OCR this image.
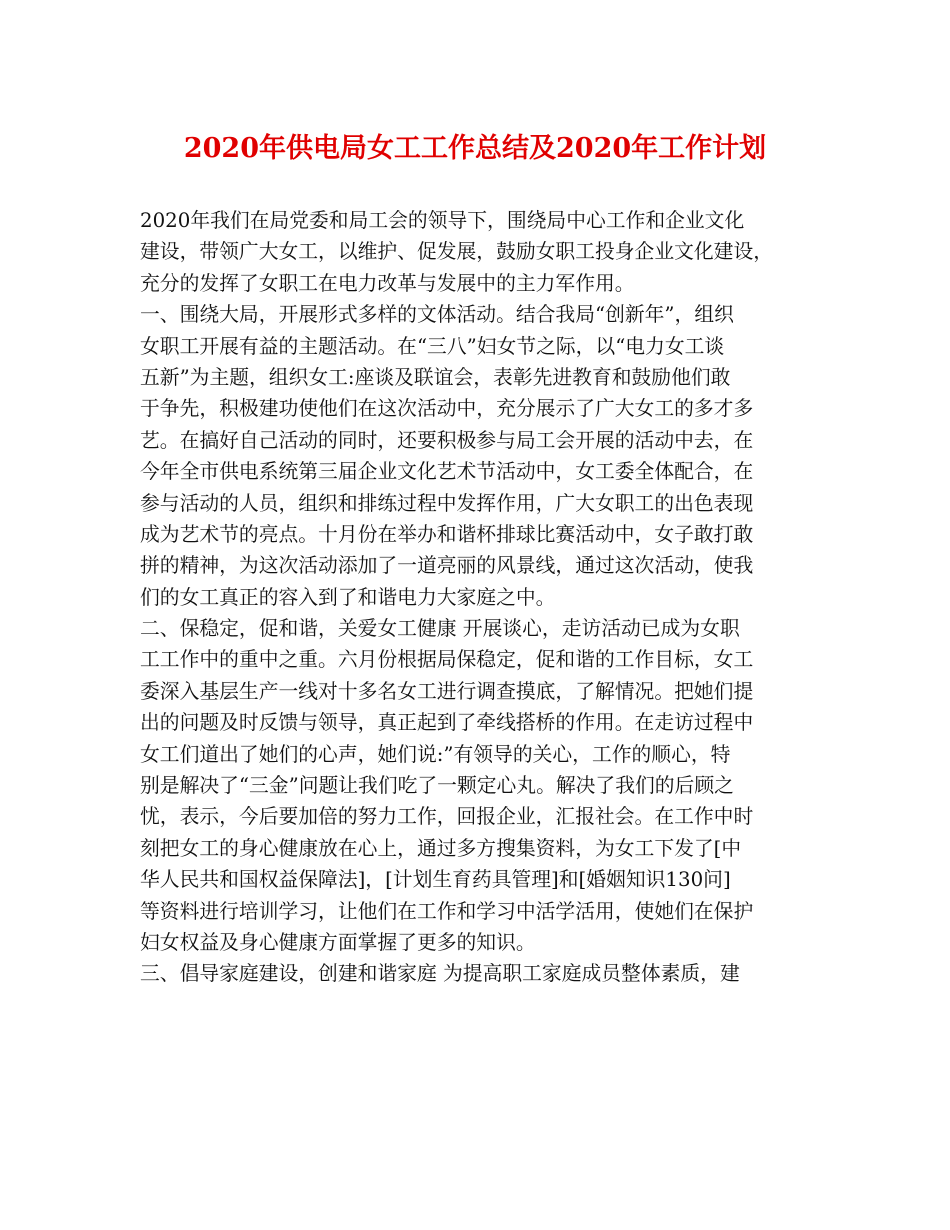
2020年供电局女工工作总结及2020年工作计划
2020年我们在局党委和局工会的领导下，围绕局中心工作和企业文化
建设，带领广大女工，以维护、促发展，鼓励女职工投身企业文化建设，
充分的发挥了女职工在电力改革与发展中的主力军作用。
一、围绕大局，开展形式多样的文体活动。结合我局“创新年”，组织
女职工开展有益的主题活动。在“三八”妇女节之际，以“电力女工谈
五新”为主题，组织女工:座谈及联谊会，表彰先进教育和鼓励他们敢
于争先，积极建功使他们在这次活动中，充分展示了广大女工的多才多
艺。在搞好自己活动的同时，还要积极参与局工会开展的活动中去，在
今年全市供电系统第三届企业文化艺术节活动中，女工委全体配合，在
参与活动的人员，组织和排练过程中发挥作用，广大女职工的出色表现
成为艺术节的亮点。十月份在举办和谐杯排球比赛活动中，女子敢打敢
拼的精神，为这次活动添加了一道亮丽的风景线，通过这次活动，使我
们的女工真正的容入到了和谐电力大家庭之中。
二、保稳定，促和谐，关爱女工健康 开展谈心，走访活动已成为女职
工工作中的重中之重。六月份根据局保稳定，促和谐的工作目标，女工
委深入基层生产一线对十多名女工进行调查摸底，了解情况。把她们提
出的问题及时反馈与领导，真正起到了牵线搭桥的作用。在走访过程中
女工们道出了她们的心声，她们说:”有领导的关心，工作的顺心，特
别是解决了“三金”问题让我们吃了一颗定心丸。解决了我们的后顾之
忧，表示，今后要加倍的努力工作，回报企业，汇报社会。在工作中时
刻把女工的身心健康放在心上，通过多方搜集资料，为女工下发了[中
华人民共和国权益保障法]，[计划生育药具管理]和[婚姻知识130问]
等资料进行培训学习，让他们在工作和学习中活学活用，使她们在保护
妇女权益及身心健康方面掌握了更多的知识。
三、倡导家庭建设，创建和谐家庭 为提高职工家庭成员整体素质，建
